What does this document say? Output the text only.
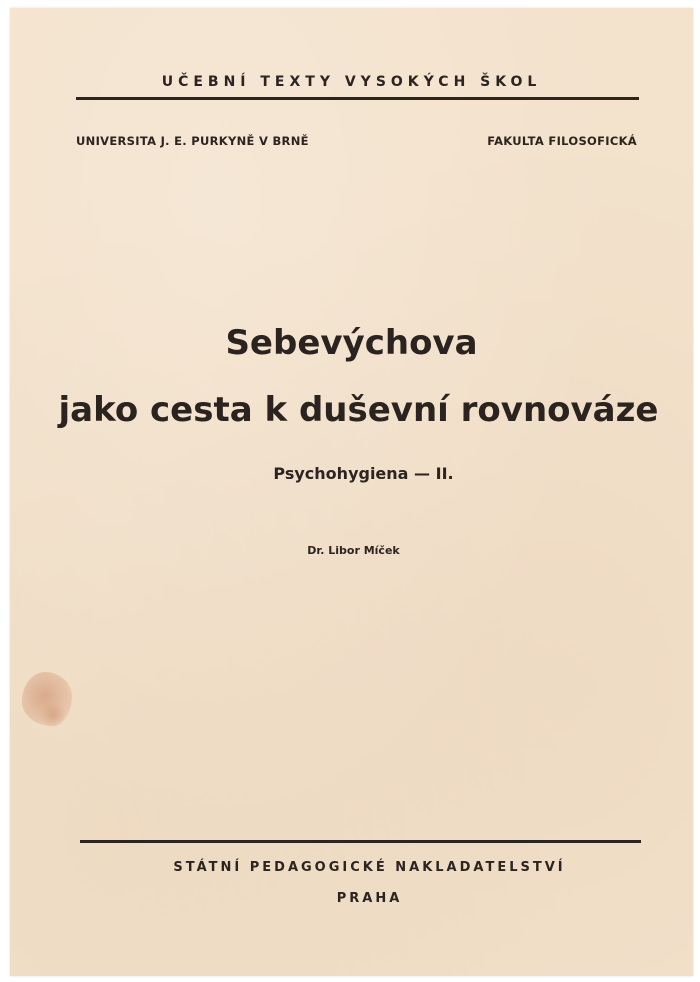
UČEBNÍ TEXTY VYSOKÝCH ŠKOL
UNIVERSITA J. E. PURKYNĚ V BRNĚ	FAKULTA FILOSOFICKÁ
Sebevýchova
jako cesta k duševní rovnováze
Psychohygiena — II.
Dr. Libor Míček
STÁTNÍ PEDAGOGICKÉ NAKLADATELSTVÍ
PRAHA
